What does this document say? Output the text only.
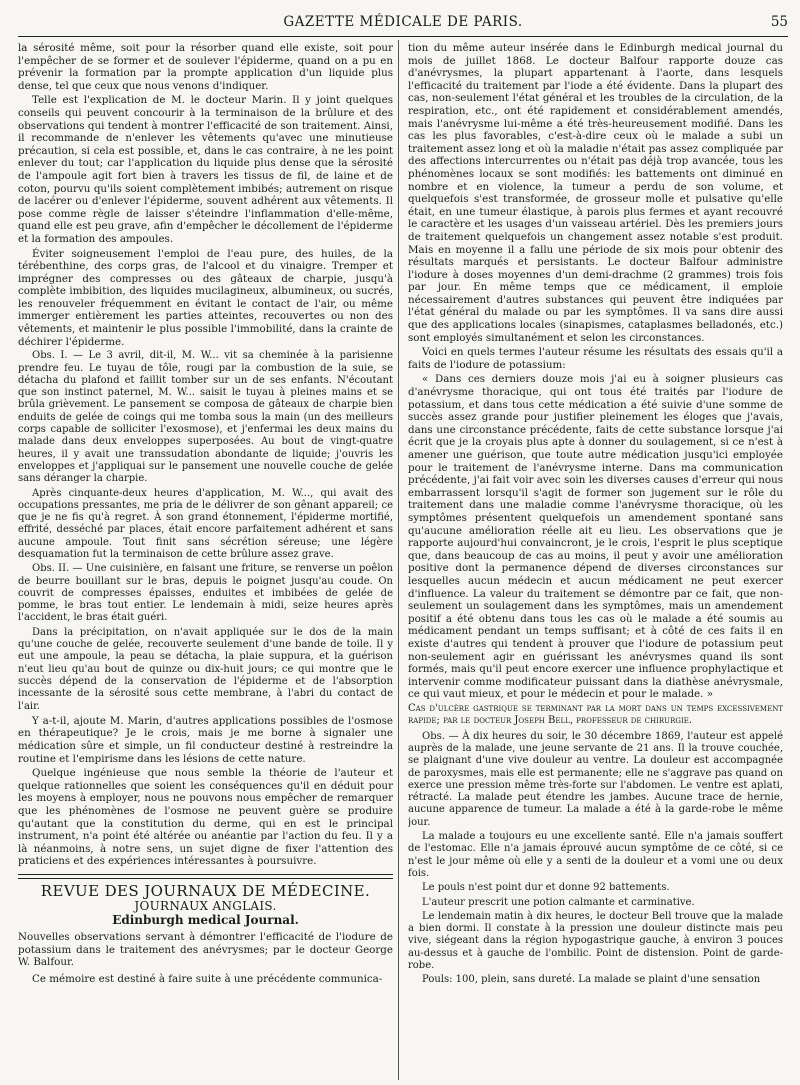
GAZETTE MÉDICALE DE PARIS.	55

la sérosité même, soit pour la résorber quand elle existe, soit pour l'empêcher de se former et de soulever l'épiderme, quand on a pu en prévenir la formation par la prompte application d'un liquide plus dense, tel que ceux que nous venons d'indiquer.

Telle est l'explication de M. le docteur Marin. Il y joint quelques conseils qui peuvent concourir à la terminaison de la brûlure et des observations qui tendent à montrer l'efficacité de son traitement. Ainsi, il recommande de n'enlever les vêtements qu'avec une minutieuse précaution, si cela est possible, et, dans le cas contraire, à ne les point enlever du tout; car l'application du liquide plus dense que la sérosité de l'ampoule agit fort bien à travers les tissus de fil, de laine et de coton, pourvu qu'ils soient complètement imbibés; autrement on risque de lacérer ou d'enlever l'épiderme, souvent adhérent aux vêtements. Il pose comme règle de laisser s'éteindre l'inflammation d'elle-même, quand elle est peu grave, afin d'empêcher le décollement de l'épiderme et la formation des ampoules.

Éviter soigneusement l'emploi de l'eau pure, des huiles, de la térébenthine, des corps gras, de l'alcool et du vinaigre. Tremper et imprégner des compresses ou des gâteaux de charpie, jusqu'à complète imbibition, des liquides mucilagineux, albumineux, ou sucrés, les renouveler fréquemment en évitant le contact de l'air, ou même immerger entièrement les parties atteintes, recouvertes ou non des vêtements, et maintenir le plus possible l'immobilité, dans la crainte de déchirer l'épiderme.

Obs. I. — Le 3 avril, dit-il, M. W... vit sa cheminée à la parisienne prendre feu. Le tuyau de tôle, rougi par la combustion de la suie, se détacha du plafond et faillit tomber sur un de ses enfants. N'écoutant que son instinct paternel, M. W... saisit le tuyau à pleines mains et se brûla grièvement. Le pansement se composa de gâteaux de charpie bien enduits de gelée de coings qui me tomba sous la main (un des meilleurs corps capable de solliciter l'exosmose), et j'enfermai les deux mains du malade dans deux enveloppes superposées. Au bout de vingt-quatre heures, il y avait une transsudation abondante de liquide; j'ouvris les enveloppes et j'appliquai sur le pansement une nouvelle couche de gelée sans déranger la charpie.

Après cinquante-deux heures d'application, M. W..., qui avait des occupations pressantes, me pria de le délivrer de son gênant appareil; ce que je ne fis qu'à regret. À son grand étonnement, l'épiderme mortifié, effrité, desséché par places, était encore parfaitement adhérent et sans aucune ampoule. Tout finit sans sécrétion séreuse; une légère desquamation fut la terminaison de cette brûlure assez grave.

Obs. II. — Une cuisinière, en faisant une friture, se renverse un poêlon de beurre bouillant sur le bras, depuis le poignet jusqu'au coude. On couvrit de compresses épaisses, enduites et imbibées de gelée de pomme, le bras tout entier. Le lendemain à midi, seize heures après l'accident, le bras était guéri.

Dans la précipitation, on n'avait appliquée sur le dos de la main qu'une couche de gelée, recouverte seulement d'une bande de toile. Il y eut une ampoule, la peau se détacha, la plaie suppura, et la guérison n'eut lieu qu'au bout de quinze ou dix-huit jours; ce qui montre que le succès dépend de la conservation de l'épiderme et de l'absorption incessante de la sérosité sous cette membrane, à l'abri du contact de l'air.

Y a-t-il, ajoute M. Marin, d'autres applications possibles de l'osmose en thérapeutique? Je le crois, mais je me borne à signaler une médication sûre et simple, un fil conducteur destiné à restreindre la routine et l'empirisme dans les lésions de cette nature.

Quelque ingénieuse que nous semble la théorie de l'auteur et quelque rationnelles que soient les conséquences qu'il en déduit pour les moyens à employer, nous ne pouvons nous empêcher de remarquer que les phénomènes de l'osmose ne peuvent guère se produire qu'autant que la constitution du derme, qui en est le principal instrument, n'a point été altérée ou anéantie par l'action du feu. Il y a là néanmoins, à notre sens, un sujet digne de fixer l'attention des praticiens et des expériences intéressantes à poursuivre.

REVUE DES JOURNAUX DE MÉDECINE.
JOURNAUX ANGLAIS.
Edinburgh medical Journal.

Nouvelles observations servant à démontrer l'efficacité de l'iodure de potassium dans le traitement des anévrysmes; par le docteur George W. Balfour.

Ce mémoire est destiné à faire suite à une précédente communica-

tion du même auteur insérée dans le Edinburgh medical journal du mois de juillet 1868. Le docteur Balfour rapporte douze cas d'anévrysmes, la plupart appartenant à l'aorte, dans lesquels l'efficacité du traitement par l'iode a été évidente. Dans la plupart des cas, non-seulement l'état général et les troubles de la circulation, de la respiration, etc., ont été rapidement et considérablement amendés, mais l'anévrysme lui-même a été très-heureusement modifié. Dans les cas les plus favorables, c'est-à-dire ceux où le malade a subi un traitement assez long et où la maladie n'était pas assez compliquée par des affections intercurrentes ou n'était pas déjà trop avancée, tous les phénomènes locaux se sont modifiés: les battements ont diminué en nombre et en violence, la tumeur a perdu de son volume, et quelquefois s'est transformée, de grosseur molle et pulsative qu'elle était, en une tumeur élastique, à parois plus fermes et ayant recouvré le caractère et les usages d'un vaisseau artériel. Dès les premiers jours de traitement quelquefois un changement assez notable s'est produit. Mais en moyenne il a fallu une période de six mois pour obtenir des résultats marqués et persistants. Le docteur Balfour administre l'iodure à doses moyennes d'un demi-drachme (2 grammes) trois fois par jour. En même temps que ce médicament, il emploie nécessairement d'autres substances qui peuvent être indiquées par l'état général du malade ou par les symptômes. Il va sans dire aussi que des applications locales (sinapismes, cataplasmes belladonés, etc.) sont employés simultanément et selon les circonstances.

Voici en quels termes l'auteur résume les résultats des essais qu'il a faits de l'iodure de potassium:

« Dans ces derniers douze mois j'ai eu à soigner plusieurs cas d'anévrysme thoracique, qui ont tous été traités par l'iodure de potassium, et dans tous cette médication a été suivie d'une somme de succès assez grande pour justifier pleinement les éloges que j'avais, dans une circonstance précédente, faits de cette substance lorsque j'ai écrit que je la croyais plus apte à donner du soulagement, si ce n'est à amener une guérison, que toute autre médication jusqu'ici employée pour le traitement de l'anévrysme interne. Dans ma communication précédente, j'ai fait voir avec soin les diverses causes d'erreur qui nous embarrassent lorsqu'il s'agit de former son jugement sur le rôle du traitement dans une maladie comme l'anévrysme thoracique, où les symptômes présentent quelquefois un amendement spontané sans qu'aucune amélioration réelle ait eu lieu. Les observations que je rapporte aujourd'hui convaincront, je le crois, l'esprit le plus sceptique que, dans beaucoup de cas au moins, il peut y avoir une amélioration positive dont la permanence dépend de diverses circonstances sur lesquelles aucun médecin et aucun médicament ne peut exercer d'influence. La valeur du traitement se démontre par ce fait, que non-seulement un soulagement dans les symptômes, mais un amendement positif a été obtenu dans tous les cas où le malade a été soumis au médicament pendant un temps suffisant; et à côté de ces faits il en existe d'autres qui tendent à prouver que l'iodure de potassium peut non-seulement agir en guérissant les anévrysmes quand ils sont formés, mais qu'il peut encore exercer une influence prophylactique et intervenir comme modificateur puissant dans la diathèse anévrysmale, ce qui vaut mieux, et pour le médecin et pour le malade. »

Cas d'ulcère gastrique se terminant par la mort dans un temps excessivement rapide; par le docteur Joseph Bell, professeur de chirurgie.

Obs. — À dix heures du soir, le 30 décembre 1869, l'auteur est appelé auprès de la malade, une jeune servante de 21 ans. Il la trouve couchée, se plaignant d'une vive douleur au ventre. La douleur est accompagnée de paroxysmes, mais elle est permanente; elle ne s'aggrave pas quand on exerce une pression même très-forte sur l'abdomen. Le ventre est aplati, rétracté. La malade peut étendre les jambes. Aucune trace de hernie, aucune apparence de tumeur. La malade a été à la garde-robe le même jour.

La malade a toujours eu une excellente santé. Elle n'a jamais souffert de l'estomac. Elle n'a jamais éprouvé aucun symptôme de ce côté, si ce n'est le jour même où elle y a senti de la douleur et a vomi une ou deux fois.

Le pouls n'est point dur et donne 92 battements.

L'auteur prescrit une potion calmante et carminative.

Le lendemain matin à dix heures, le docteur Bell trouve que la malade a bien dormi. Il constate à la pression une douleur distincte mais peu vive, siégeant dans la région hypogastrique gauche, à environ 3 pouces au-dessus et à gauche de l'ombilic. Point de distension. Point de garde-robe.

Pouls: 100, plein, sans dureté. La malade se plaint d'une sensation
